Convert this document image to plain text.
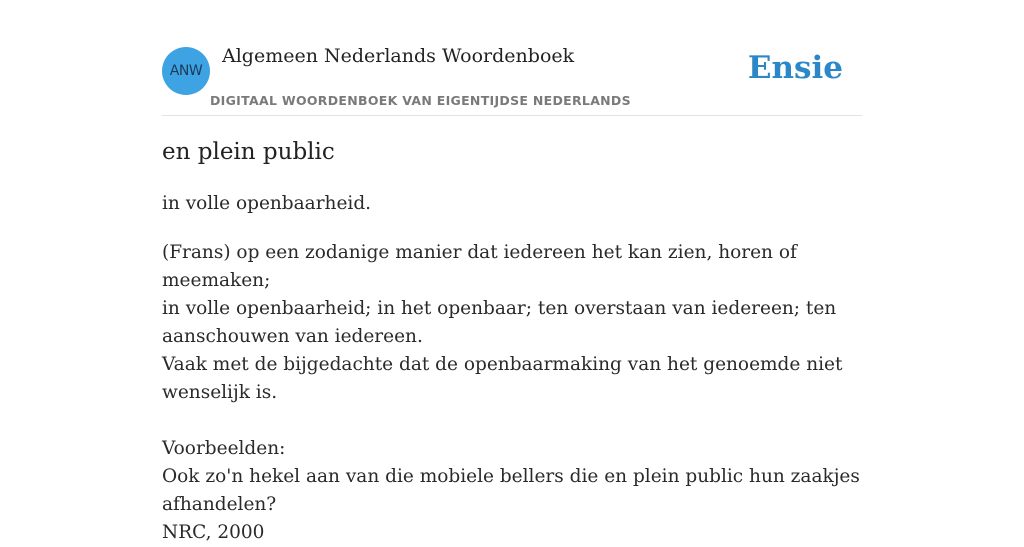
ANW
Algemeen Nederlands Woordenboek
DIGITAAL WOORDENBOEK VAN EIGENTIJDSE NEDERLANDS
Ensie
en plein public

in volle openbaarheid.

(Frans) op een zodanige manier dat iedereen het kan zien, horen of meemaken;
in volle openbaarheid; in het openbaar; ten overstaan van iedereen; ten
aanschouwen van iedereen.
Vaak met de bijgedachte dat de openbaarmaking van het genoemde niet
wenselijk is.
Voorbeelden:
Ook zo'n hekel aan van die mobiele bellers die en plein public hun zaakjes
afhandelen?
NRC, 2000
